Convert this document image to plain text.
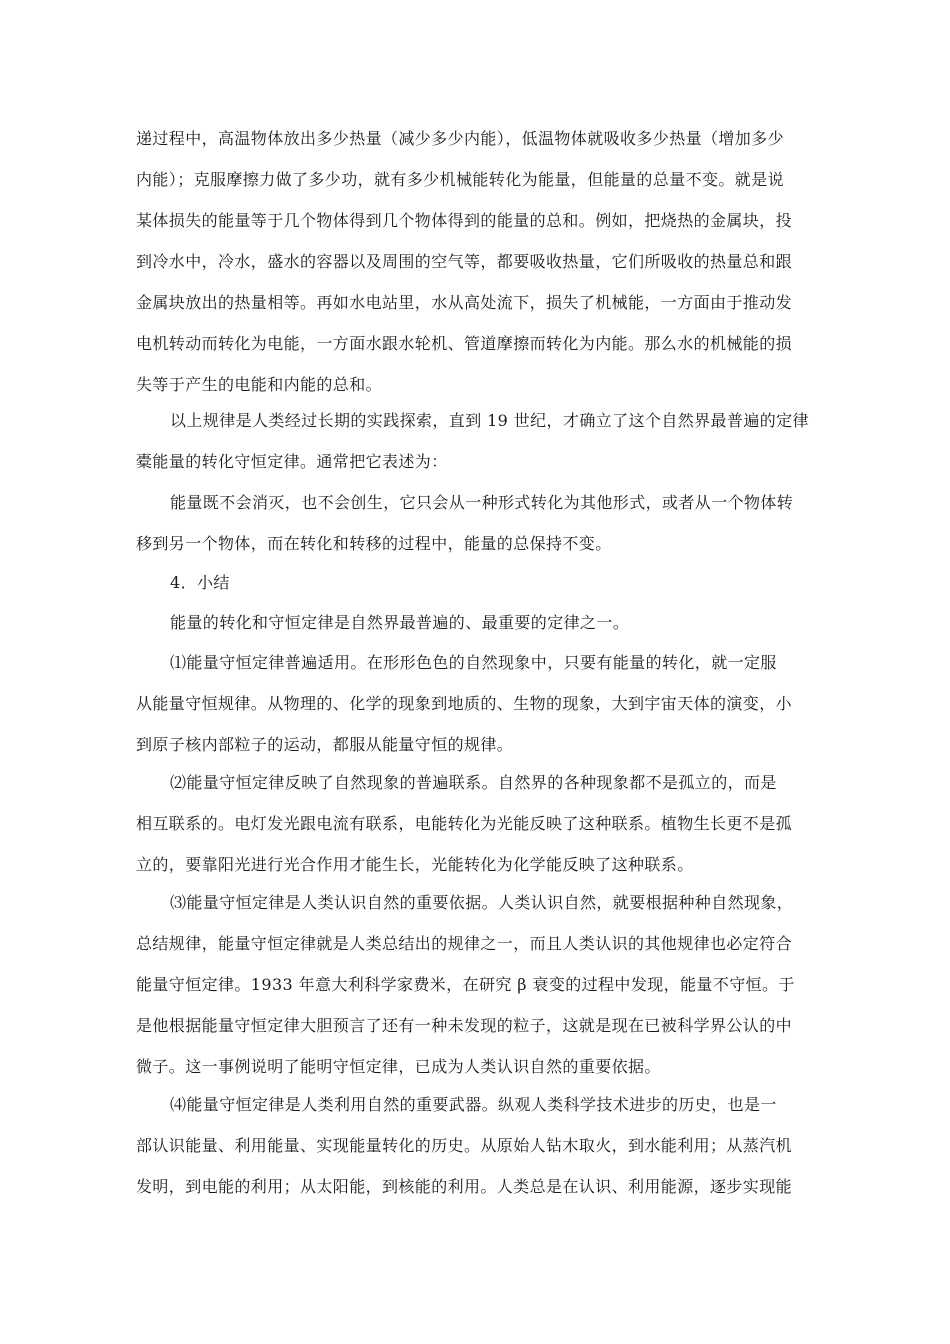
递过程中，高温物体放出多少热量（减少多少内能），低温物体就吸收多少热量（增加多少
内能）；克服摩擦力做了多少功，就有多少机械能转化为能量，但能量的总量不变。就是说
某体损失的能量等于几个物体得到几个物体得到的能量的总和。例如，把烧热的金属块，投
到冷水中，冷水，盛水的容器以及周围的空气等，都要吸收热量，它们所吸收的热量总和跟
金属块放出的热量相等。再如水电站里，水从高处流下，损失了机械能，一方面由于推动发
电机转动而转化为电能，一方面水跟水轮机、管道摩擦而转化为内能。那么水的机械能的损
失等于产生的电能和内能的总和。

以上规律是人类经过长期的实践探索，直到 19 世纪，才确立了这个自然界最普遍的定律
橐能量的转化守恒定律。通常把它表述为：

能量既不会消灭，也不会创生，它只会从一种形式转化为其他形式，或者从一个物体转
移到另一个物体，而在转化和转移的过程中，能量的总保持不变。

4．小结

能量的转化和守恒定律是自然界最普遍的、最重要的定律之一。

⑴能量守恒定律普遍适用。在形形色色的自然现象中，只要有能量的转化，就一定服
从能量守恒规律。从物理的、化学的现象到地质的、生物的现象，大到宇宙天体的演变，小
到原子核内部粒子的运动，都服从能量守恒的规律。

⑵能量守恒定律反映了自然现象的普遍联系。自然界的各种现象都不是孤立的，而是
相互联系的。电灯发光跟电流有联系，电能转化为光能反映了这种联系。植物生长更不是孤
立的，要靠阳光进行光合作用才能生长，光能转化为化学能反映了这种联系。

⑶能量守恒定律是人类认识自然的重要依据。人类认识自然，就要根据种种自然现象，
总结规律，能量守恒定律就是人类总结出的规律之一，而且人类认识的其他规律也必定符合
能量守恒定律。1933 年意大利科学家费米，在研究 β 衰变的过程中发现，能量不守恒。于
是他根据能量守恒定律大胆预言了还有一种未发现的粒子，这就是现在已被科学界公认的中
微子。这一事例说明了能明守恒定律，已成为人类认识自然的重要依据。

⑷能量守恒定律是人类利用自然的重要武器。纵观人类科学技术进步的历史，也是一
部认识能量、利用能量、实现能量转化的历史。从原始人钻木取火，到水能利用；从蒸汽机
发明，到电能的利用；从太阳能，到核能的利用。人类总是在认识、利用能源，逐步实现能
